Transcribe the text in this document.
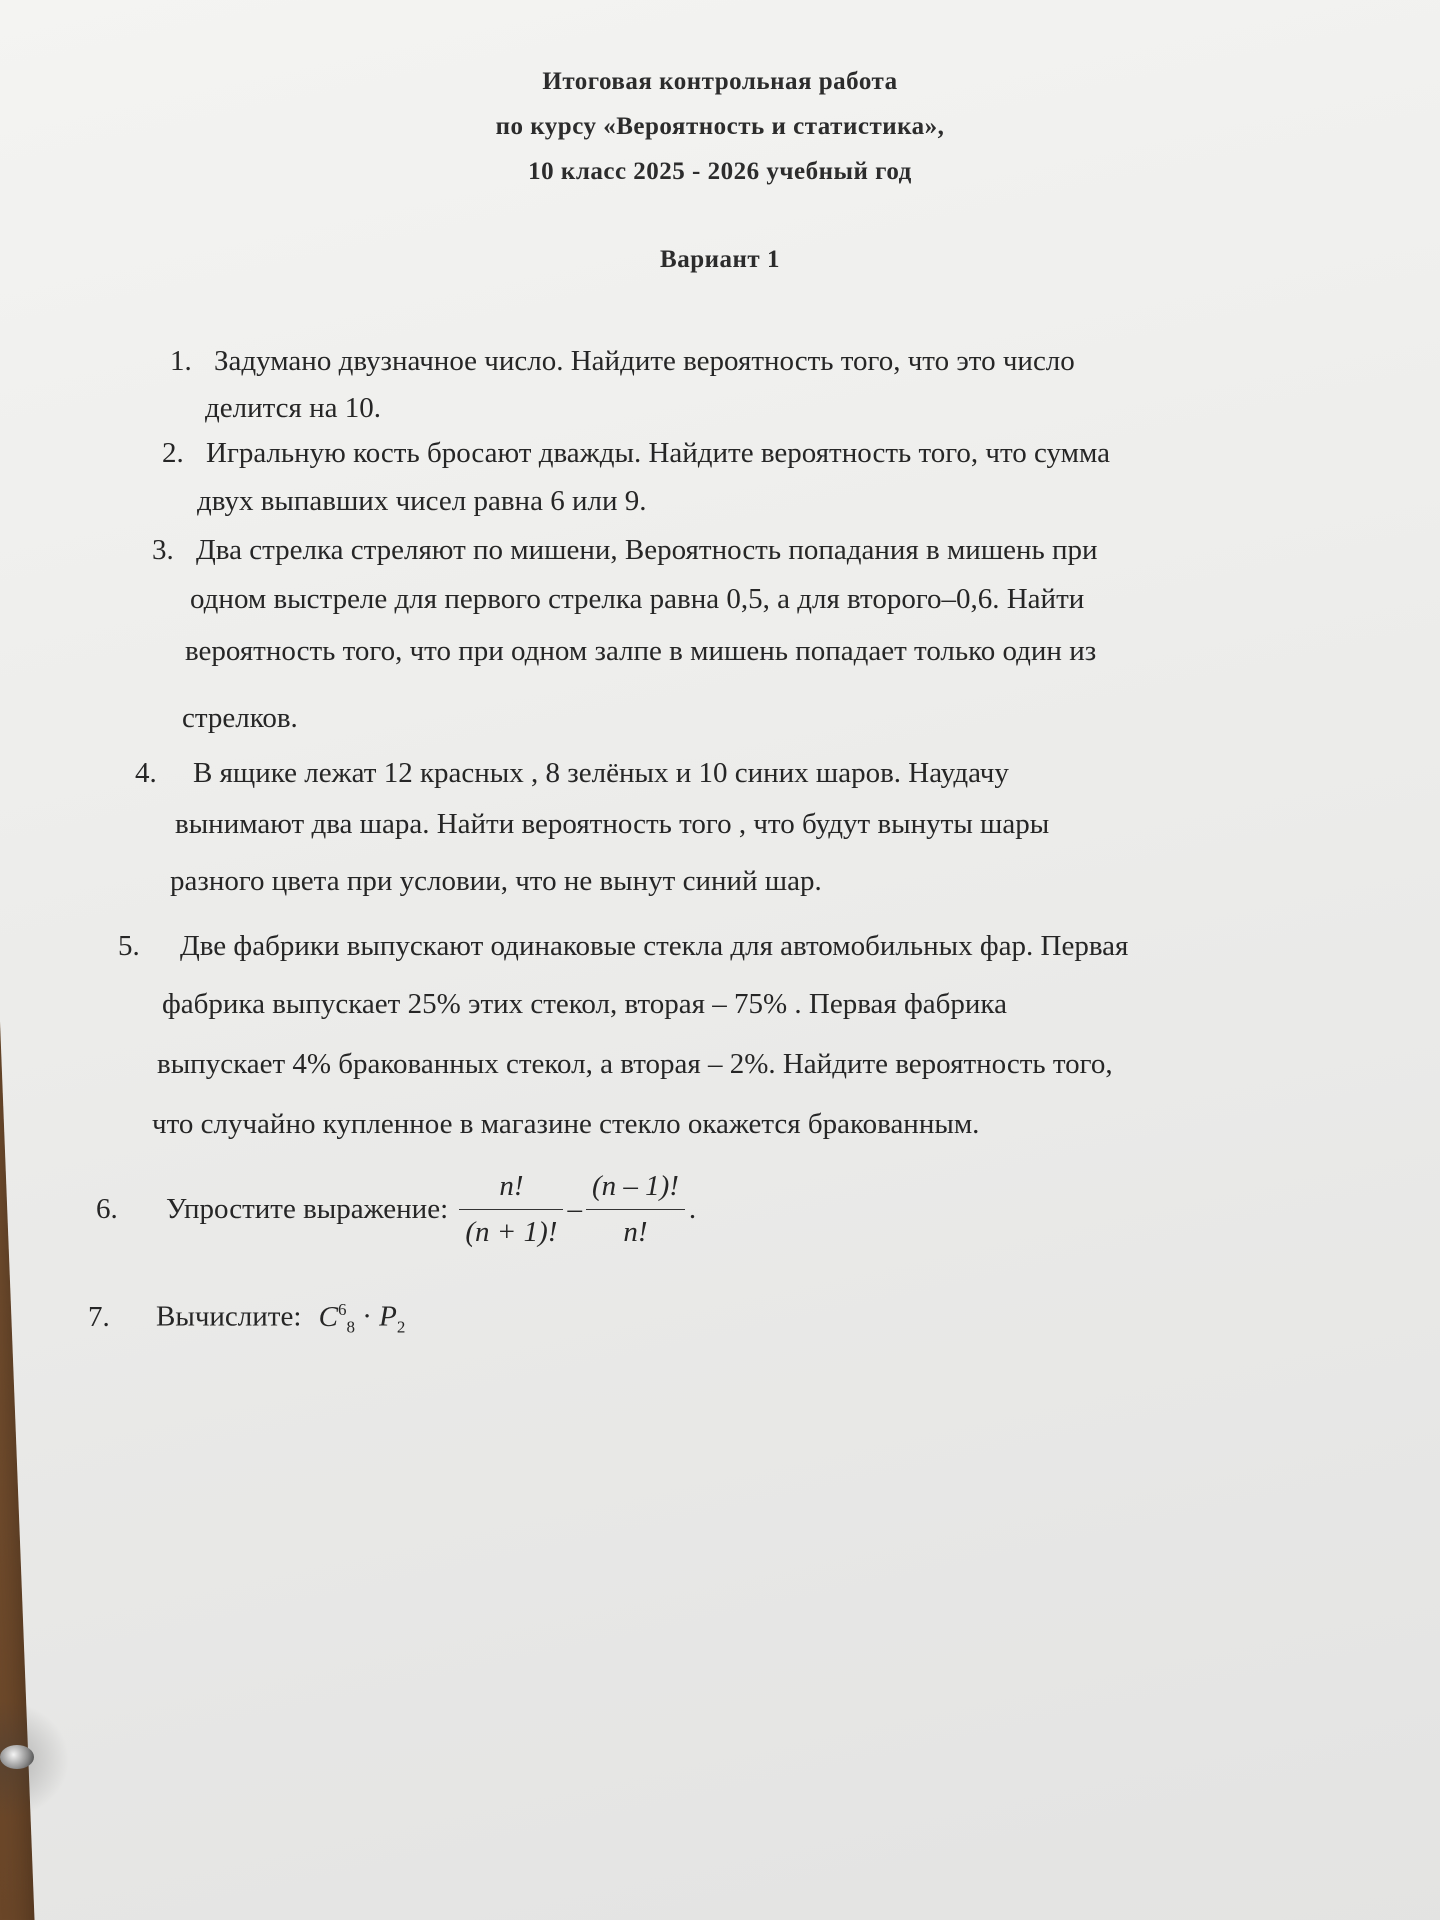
Итоговая контрольная работа
по курсу «Вероятность и статистика»,
10 класс 2025 - 2026 учебный год
Вариант 1
1. Задумано двузначное число. Найдите вероятность того, что это число
делится на 10.
2. Игральную кость бросают дважды. Найдите вероятность того, что сумма
двух выпавших чисел равна 6 или 9.
3. Два стрелка стреляют по мишени, Вероятность попадания в мишень при
одном выстреле для первого стрелка равна 0,5, а для второго–0,6. Найти
вероятность того, что при одном залпе в мишень попадает только один из
стрелков.
4. В ящике лежат 12 красных , 8 зелёных и 10 синих шаров. Наудачу
вынимают два шара. Найти вероятность того , что будут вынуты шары
разного цвета при условии, что не вынут синий шар.
5. Две фабрики выпускают одинаковые стекла для автомобильных фар. Первая
фабрика выпускает 25% этих стекол, вторая – 75% . Первая фабрика
выпускает 4% бракованных стекол, а вторая – 2%. Найдите вероятность того,
что случайно купленное в магазине стекло окажется бракованным.
6. Упростите выражение: $\frac{n!}{(n + 1)!} - \frac{(n - 1)!}{n!}$ .
7. Вычислите: $C^6_8 \cdot P_2$
